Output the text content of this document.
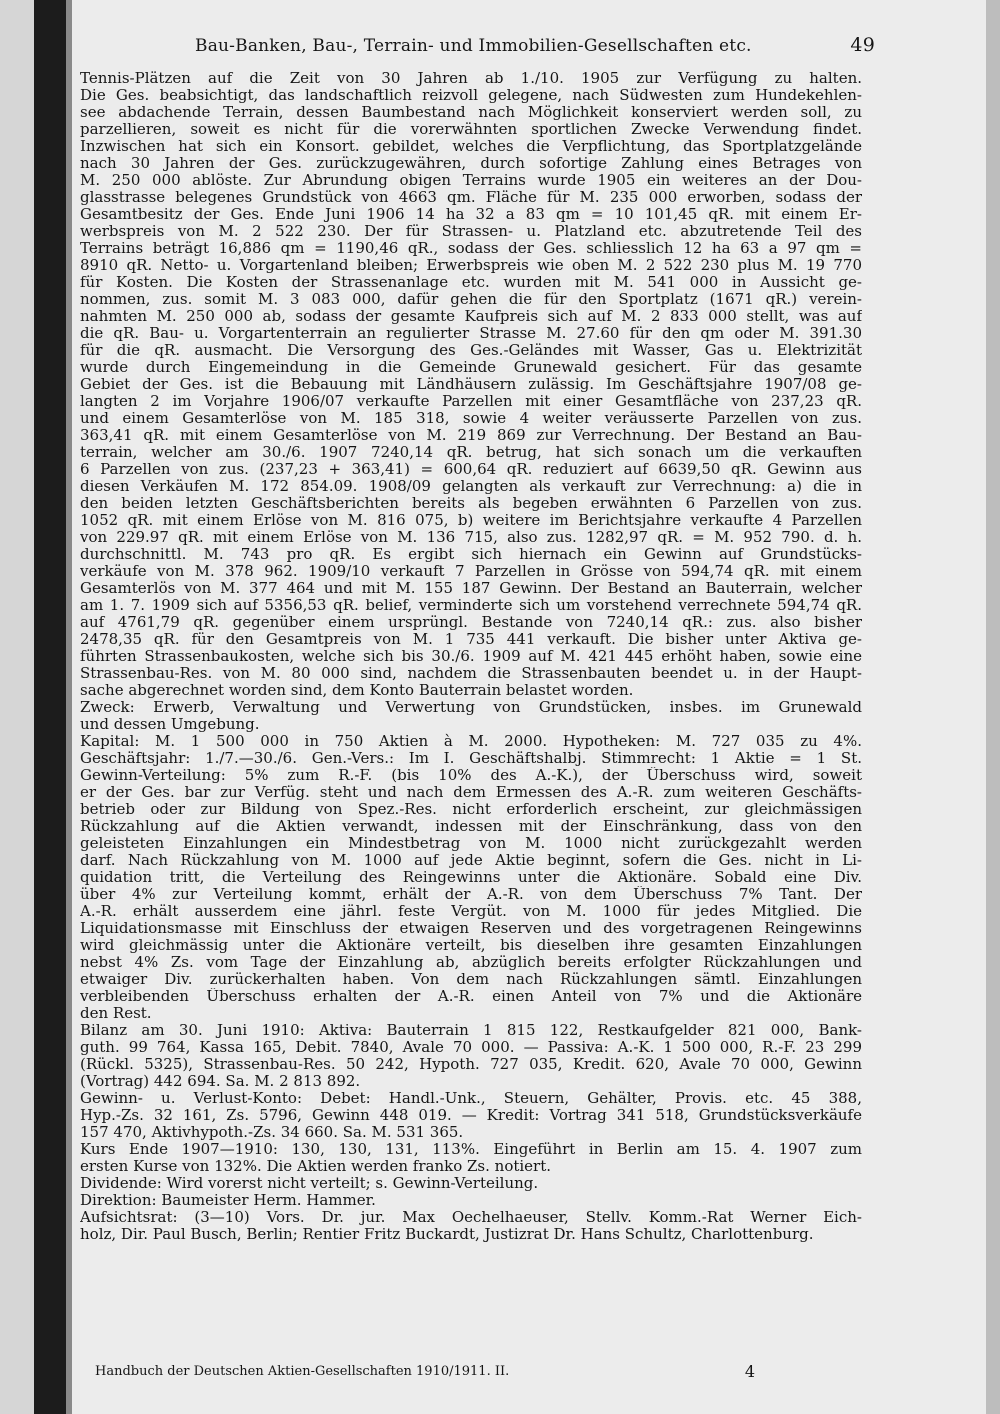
Bau-Banken, Bau-, Terrain- und Immobilien-Gesellschaften etc.	49
Tennis-Plätzen auf die Zeit von 30 Jahren ab 1./10. 1905 zur Verfügung zu halten.
Die Ges. beabsichtigt, das landschaftlich reizvoll gelegene, nach Südwesten zum Hundekehlen-
see abdachende Terrain, dessen Baumbestand nach Möglichkeit konserviert werden soll, zu
parzellieren, soweit es nicht für die vorerwähnten sportlichen Zwecke Verwendung findet.
Inzwischen hat sich ein Konsort. gebildet, welches die Verpflichtung, das Sportplatzgelände
nach 30 Jahren der Ges. zurückzugewähren, durch sofortige Zahlung eines Betrages von
M. 250 000 ablöste. Zur Abrundung obigen Terrains wurde 1905 ein weiteres an der Dou-
glasstrasse belegenes Grundstück von 4663 qm. Fläche für M. 235 000 erworben, sodass der
Gesamtbesitz der Ges. Ende Juni 1906 14 ha 32 a 83 qm = 10 101,45 qR. mit einem Er-
werbspreis von M. 2 522 230. Der für Strassen- u. Platzland etc. abzutretende Teil des
Terrains beträgt 16,886 qm = 1190,46 qR., sodass der Ges. schliesslich 12 ha 63 a 97 qm =
8910 qR. Netto- u. Vorgartenland bleiben; Erwerbspreis wie oben M. 2 522 230 plus M. 19 770
für Kosten. Die Kosten der Strassenanlage etc. wurden mit M. 541 000 in Aussicht ge-
nommen, zus. somit M. 3 083 000, dafür gehen die für den Sportplatz (1671 qR.) verein-
nahmten M. 250 000 ab, sodass der gesamte Kaufpreis sich auf M. 2 833 000 stellt, was auf
die qR. Bau- u. Vorgartenterrain an regulierter Strasse M. 27.60 für den qm oder M. 391.30
für die qR. ausmacht. Die Versorgung des Ges.-Geländes mit Wasser, Gas u. Elektrizität
wurde durch Eingemeindung in die Gemeinde Grunewald gesichert. Für das gesamte
Gebiet der Ges. ist die Bebauung mit Ländhäusern zulässig. Im Geschäftsjahre 1907/08 ge-
langten 2 im Vorjahre 1906/07 verkaufte Parzellen mit einer Gesamtfläche von 237,23 qR.
und einem Gesamterlöse von M. 185 318, sowie 4 weiter veräusserte Parzellen von zus.
363,41 qR. mit einem Gesamterlöse von M. 219 869 zur Verrechnung. Der Bestand an Bau-
terrain, welcher am 30./6. 1907 7240,14 qR. betrug, hat sich sonach um die verkauften
6 Parzellen von zus. (237,23 + 363,41) = 600,64 qR. reduziert auf 6639,50 qR. Gewinn aus
diesen Verkäufen M. 172 854.09. 1908/09 gelangten als verkauft zur Verrechnung: a) die in
den beiden letzten Geschäftsberichten bereits als begeben erwähnten 6 Parzellen von zus.
1052 qR. mit einem Erlöse von M. 816 075, b) weitere im Berichtsjahre verkaufte 4 Parzellen
von 229.97 qR. mit einem Erlöse von M. 136 715, also zus. 1282,97 qR. = M. 952 790. d. h.
durchschnittl. M. 743 pro qR. Es ergibt sich hiernach ein Gewinn auf Grundstücks-
verkäufe von M. 378 962. 1909/10 verkauft 7 Parzellen in Grösse von 594,74 qR. mit einem
Gesamterlös von M. 377 464 und mit M. 155 187 Gewinn. Der Bestand an Bauterrain, welcher
am 1. 7. 1909 sich auf 5356,53 qR. belief, verminderte sich um vorstehend verrechnete 594,74 qR.
auf 4761,79 qR. gegenüber einem ursprüngl. Bestande von 7240,14 qR.: zus. also bisher
2478,35 qR. für den Gesamtpreis von M. 1 735 441 verkauft. Die bisher unter Aktiva ge-
führten Strassenbaukosten, welche sich bis 30./6. 1909 auf M. 421 445 erhöht haben, sowie eine
Strassenbau-Res. von M. 80 000 sind, nachdem die Strassenbauten beendet u. in der Haupt-
sache abgerechnet worden sind, dem Konto Bauterrain belastet worden.
Zweck: Erwerb, Verwaltung und Verwertung von Grundstücken, insbes. im Grunewald
und dessen Umgebung.
Kapital: M. 1 500 000 in 750 Aktien à M. 2000. Hypotheken: M. 727 035 zu 4%.
Geschäftsjahr: 1./7.—30./6. Gen.-Vers.: Im I. Geschäftshalbj. Stimmrecht: 1 Aktie = 1 St.
Gewinn-Verteilung: 5% zum R.-F. (bis 10% des A.-K.), der Überschuss wird, soweit
er der Ges. bar zur Verfüg. steht und nach dem Ermessen des A.-R. zum weiteren Geschäfts-
betrieb oder zur Bildung von Spez.-Res. nicht erforderlich erscheint, zur gleichmässigen
Rückzahlung auf die Aktien verwandt, indessen mit der Einschränkung, dass von den
geleisteten Einzahlungen ein Mindestbetrag von M. 1000 nicht zurückgezahlt werden
darf. Nach Rückzahlung von M. 1000 auf jede Aktie beginnt, sofern die Ges. nicht in Li-
quidation tritt, die Verteilung des Reingewinns unter die Aktionäre. Sobald eine Div.
über 4% zur Verteilung kommt, erhält der A.-R. von dem Überschuss 7% Tant. Der
A.-R. erhält ausserdem eine jährl. feste Vergüt. von M. 1000 für jedes Mitglied. Die
Liquidationsmasse mit Einschluss der etwaigen Reserven und des vorgetragenen Reingewinns
wird gleichmässig unter die Aktionäre verteilt, bis dieselben ihre gesamten Einzahlungen
nebst 4% Zs. vom Tage der Einzahlung ab, abzüglich bereits erfolgter Rückzahlungen und
etwaiger Div. zurückerhalten haben. Von dem nach Rückzahlungen sämtl. Einzahlungen
verbleibenden Überschuss erhalten der A.-R. einen Anteil von 7% und die Aktionäre
den Rest.
Bilanz am 30. Juni 1910: Aktiva: Bauterrain 1 815 122, Restkaufgelder 821 000, Bank-
guth. 99 764, Kassa 165, Debit. 7840, Avale 70 000. — Passiva: A.-K. 1 500 000, R.-F. 23 299
(Rückl. 5325), Strassenbau-Res. 50 242, Hypoth. 727 035, Kredit. 620, Avale 70 000, Gewinn
(Vortrag) 442 694. Sa. M. 2 813 892.
Gewinn- u. Verlust-Konto: Debet: Handl.-Unk., Steuern, Gehälter, Provis. etc. 45 388,
Hyp.-Zs. 32 161, Zs. 5796, Gewinn 448 019. — Kredit: Vortrag 341 518, Grundstücksverkäufe
157 470, Aktivhypoth.-Zs. 34 660. Sa. M. 531 365.
Kurs Ende 1907—1910: 130, 130, 131, 113%. Eingeführt in Berlin am 15. 4. 1907 zum
ersten Kurse von 132%. Die Aktien werden franko Zs. notiert.
Dividende: Wird vorerst nicht verteilt; s. Gewinn-Verteilung.
Direktion: Baumeister Herm. Hammer.
Aufsichtsrat: (3—10) Vors. Dr. jur. Max Oechelhaeuser, Stellv. Komm.-Rat Werner Eich-
holz, Dir. Paul Busch, Berlin; Rentier Fritz Buckardt, Justizrat Dr. Hans Schultz, Charlottenburg.
Handbuch der Deutschen Aktien-Gesellschaften 1910/1911. II.	4
